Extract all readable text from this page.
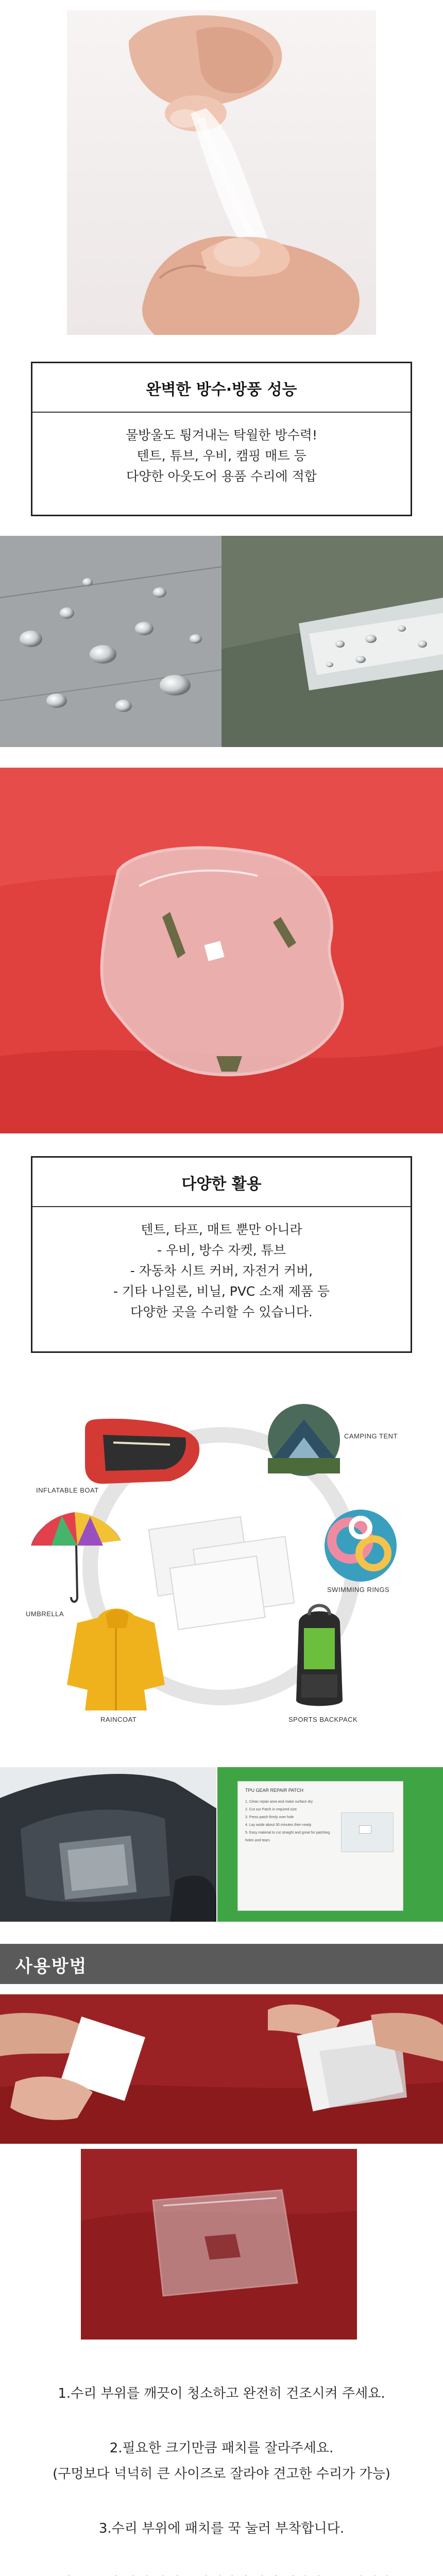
완벽한 방수·방풍 성능
물방울도 튕겨내는 탁월한 방수력!
텐트, 튜브, 우비, 캠핑 매트 등
다양한 아웃도어 용품 수리에 적합
다양한 활용
텐트, 타프, 매트 뿐만 아니라
- 우비, 방수 자켓, 튜브
- 자동차 시트 커버, 자전거 커버,
- 기타 나일론, 비닐, PVC 소재 제품 등
다양한 곳을 수리할 수 있습니다.
INFLATABLE BOAT
CAMPING TENT
UMBRELLA
SWIMMING RINGS
RAINCOAT	SPORTS BACKPACK
TPU GEAR REPAIR PATCH
1. Clean repair area and make surface dry
2. Cut our Patch in required size
3. Press patch firmly over hole
4. Lay aside about 30 minutes then ready
5. Easy material to cut straight and great for patching holes and tears
사용방법
1.수리 부위를 깨끗이 청소하고 완전히 건조시켜 주세요.
2.필요한 크기만큼 패치를 잘라주세요.
(구멍보다 넉넉히 큰 사이즈로 잘라야 견고한 수리가 가능)
3.수리 부위에 패치를 꾹 눌러 부착합니다.
